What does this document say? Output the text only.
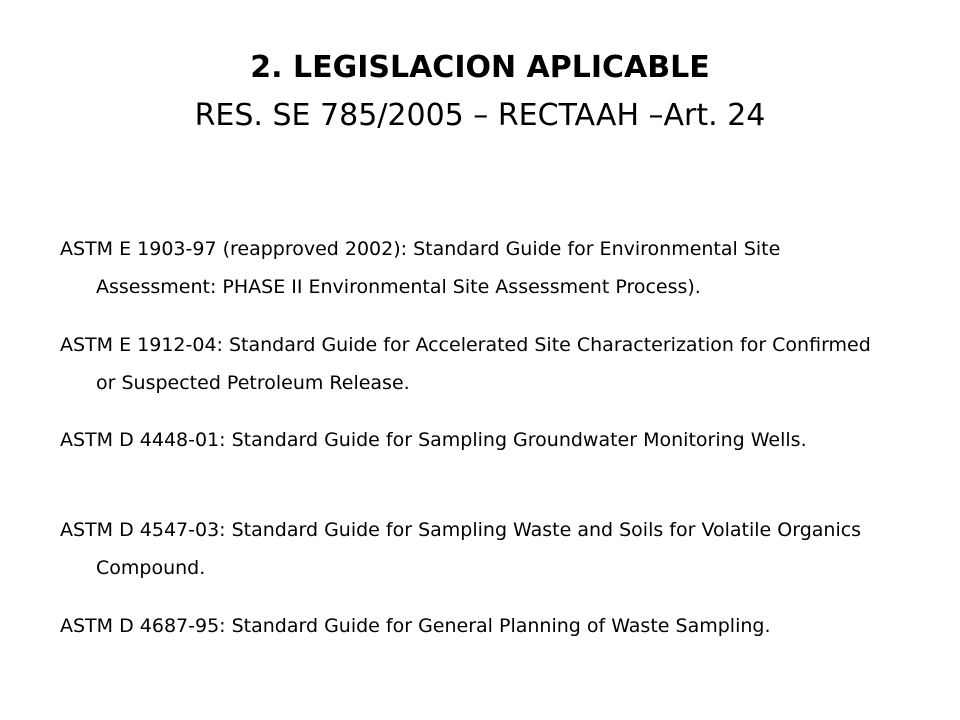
2. LEGISLACION APLICABLE
RES. SE 785/2005 – RECTAAH –Art. 24
ASTM E 1903-97 (reapproved 2002): Standard Guide for Environmental Site Assessment: PHASE II Environmental Site Assessment Process).
ASTM E 1912-04: Standard Guide for Accelerated Site Characterization for Confirmed or Suspected Petroleum Release.
ASTM D 4448-01: Standard Guide for Sampling Groundwater Monitoring Wells.
ASTM D 4547-03: Standard Guide for Sampling Waste and Soils for Volatile Organics Compound.
ASTM D 4687-95: Standard Guide for General Planning of Waste Sampling.
